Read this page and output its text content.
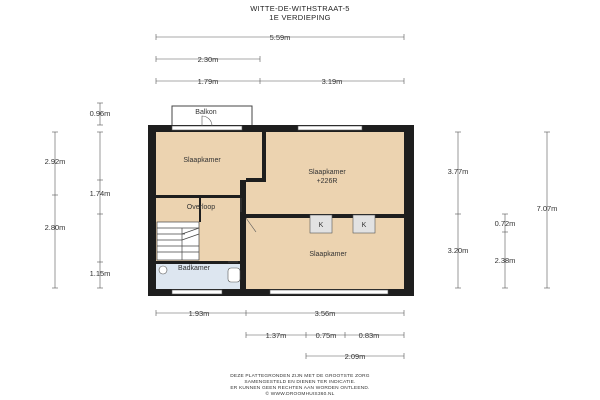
WITTE-DE-WITHSTRAAT-5
1E VERDIEPING
K	K
Slaapkamer
Slaapkamer
+226R
Overloop
Slaapkamer
Badkamer
Balkon
5.59m
2.30m
1.79m	3.19m
0.96m
2.92m
1.74m
2.80m
1.15m
3.77m
3.20m
0.72m
2.38m
7.07m
1.93m	3.56m
1.37m	0.75m	0.83m
2.09m
DEZE PLATTEGRONDEN ZIJN MET DE GROOTSTE ZORG
SAMENGESTELD EN DIENEN TER INDICATIE.
ER KUNNEN GEEN RECHTEN AAN WORDEN ONTLEEND.
© WWW.DROOMHUIS360.NL
